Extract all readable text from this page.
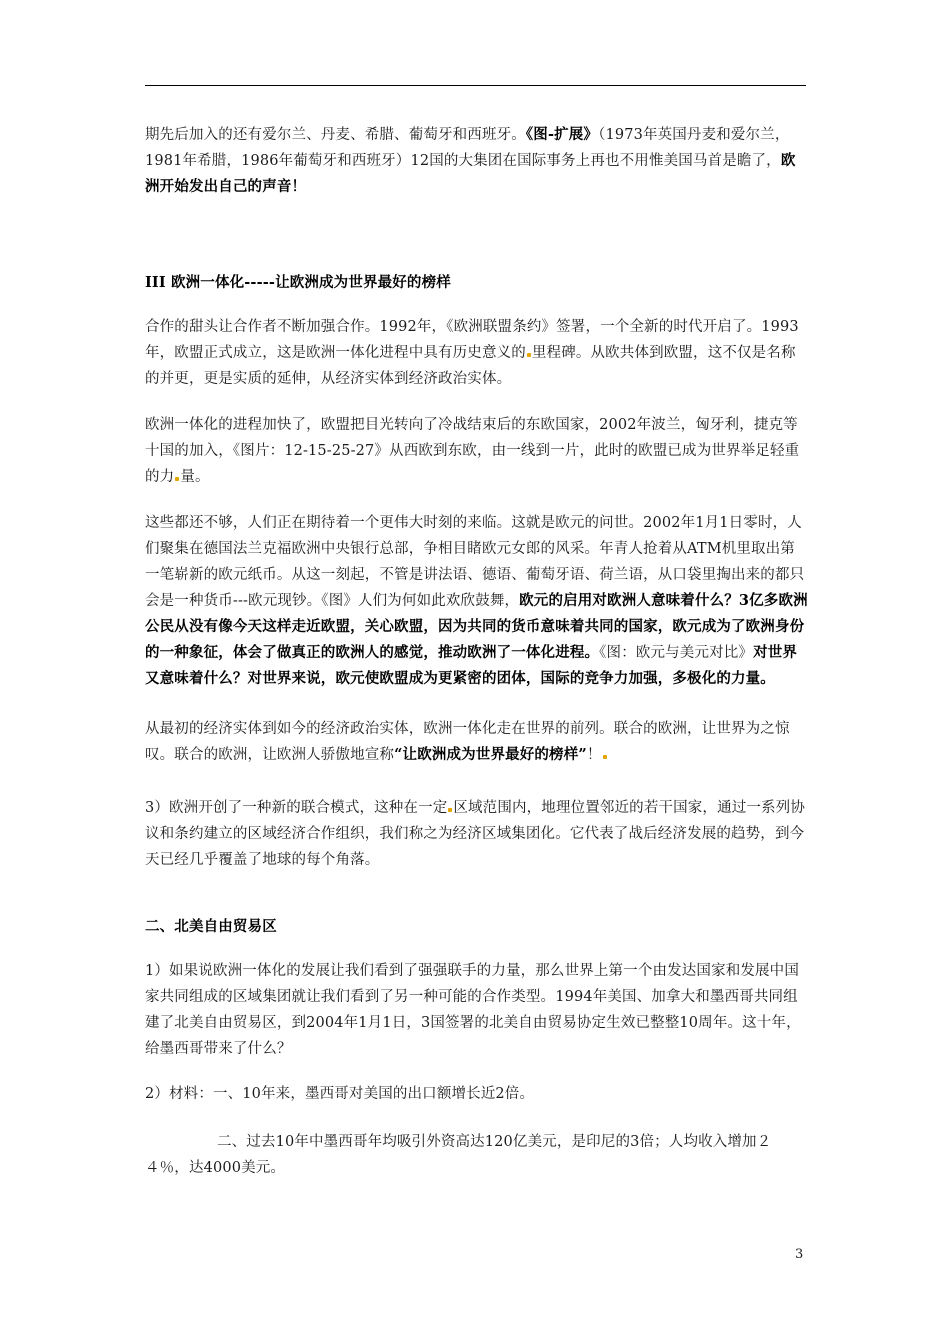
期先后加入的还有爱尔兰、丹麦、希腊、葡萄牙和西班牙。《图-扩展》（1973年英国丹麦和爱尔兰，1981年希腊，1986年葡萄牙和西班牙）12国的大集团在国际事务上再也不用惟美国马首是瞻了，欧洲开始发出自己的声音！

III 欧洲一体化-----让欧洲成为世界最好的榜样

合作的甜头让合作者不断加强合作。1992年，《欧洲联盟条约》签署，一个全新的时代开启了。1993年，欧盟正式成立，这是欧洲一体化进程中具有历史意义的 里程碑。从欧共体到欧盟，这不仅是名称的并更，更是实质的延伸，从经济实体到经济政治实体。

欧洲一体化的进程加快了，欧盟把目光转向了冷战结束后的东欧国家，2002年波兰，匈牙利，捷克等十国的加入，《图片：12-15-25-27》从西欧到东欧，由一线到一片，此时的欧盟已成为世界举足轻重的力 量。

这些都还不够，人们正在期待着一个更伟大时刻的来临。这就是欧元的问世。2002年1月1日零时，人们聚集在德国法兰克福欧洲中央银行总部，争相目睹欧元女郎的风采。年青人抢着从ATM机里取出第一笔崭新的欧元纸币。从这一刻起，不管是讲法语、德语、葡萄牙语、荷兰语，从口袋里掏出来的都只会是一种货币---欧元现钞。《图》人们为何如此欢欣鼓舞，欧元的启用对欧洲人意味着什么？3亿多欧洲公民从没有像今天这样走近欧盟，关心欧盟，因为共同的货币意味着共同的国家，欧元成为了欧洲身份的一种象征，体会了做真正的欧洲人的感觉，推动欧洲了一体化进程。《图：欧元与美元对比》对世界又意味着什么？对世界来说，欧元使欧盟成为更紧密的团体，国际的竞争力加强，多极化的力量。

从最初的经济实体到如今的经济政治实体，欧洲一体化走在世界的前列。联合的欧洲，让世界为之惊叹。联合的欧洲，让欧洲人骄傲地宣称“让欧洲成为世界最好的榜样”！

3）欧洲开创了一种新的联合模式，这种在一定 区域范围内，地理位置邻近的若干国家，通过一系列协议和条约建立的区域经济合作组织，我们称之为经济区域集团化。它代表了战后经济发展的趋势，到今天已经几乎覆盖了地球的每个角落。

二、北美自由贸易区

1）如果说欧洲一体化的发展让我们看到了强强联手的力量，那么世界上第一个由发达国家和发展中国家共同组成的区域集团就让我们看到了另一种可能的合作类型。1994年美国、加拿大和墨西哥共同组建了北美自由贸易区，到2004年1月1日，3国签署的北美自由贸易协定生效已整整10周年。这十年，给墨西哥带来了什么？

2）材料：一、10年来，墨西哥对美国的出口额增长近2倍。

二、过去10年中墨西哥年均吸引外资高达120亿美元，是印尼的3倍；人均收入增加２４％，达4000美元。

3
